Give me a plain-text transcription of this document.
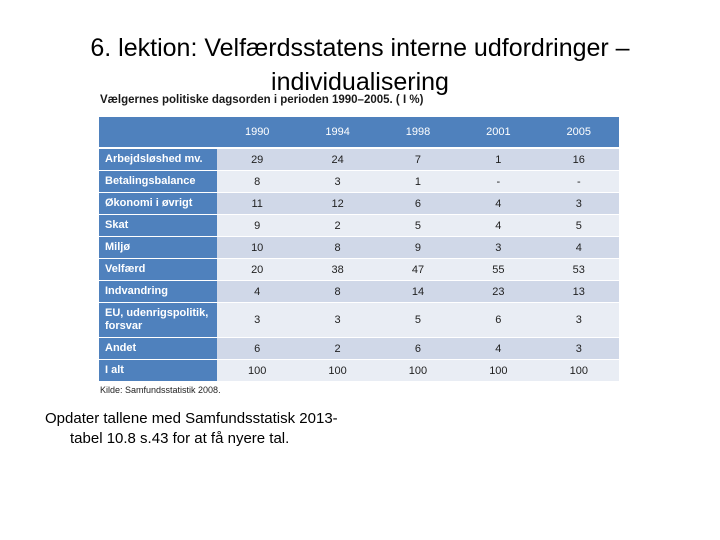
6. lektion: Velfærdsstatens interne udfordringer –
individualisering
Vælgernes politiske dagsorden i perioden 1990–2005. ( I %)
	1990	1994	1998	2001	2005
Arbejdsløshed mv.	29	24	7	1	16
Betalingsbalance	8	3	1	-	-
Økonomi i øvrigt	11	12	6	4	3
Skat	9	2	5	4	5
Miljø	10	8	9	3	4
Velfærd	20	38	47	55	53
Indvandring	4	8	14	23	13
EU, udenrigspolitik, forsvar	3	3	5	6	3
Andet	6	2	6	4	3
I alt	100	100	100	100	100
Kilde: Samfundsstatistik 2008.
Opdater tallene med Samfundsstatisk 2013-
tabel 10.8 s.43 for at få nyere tal.
